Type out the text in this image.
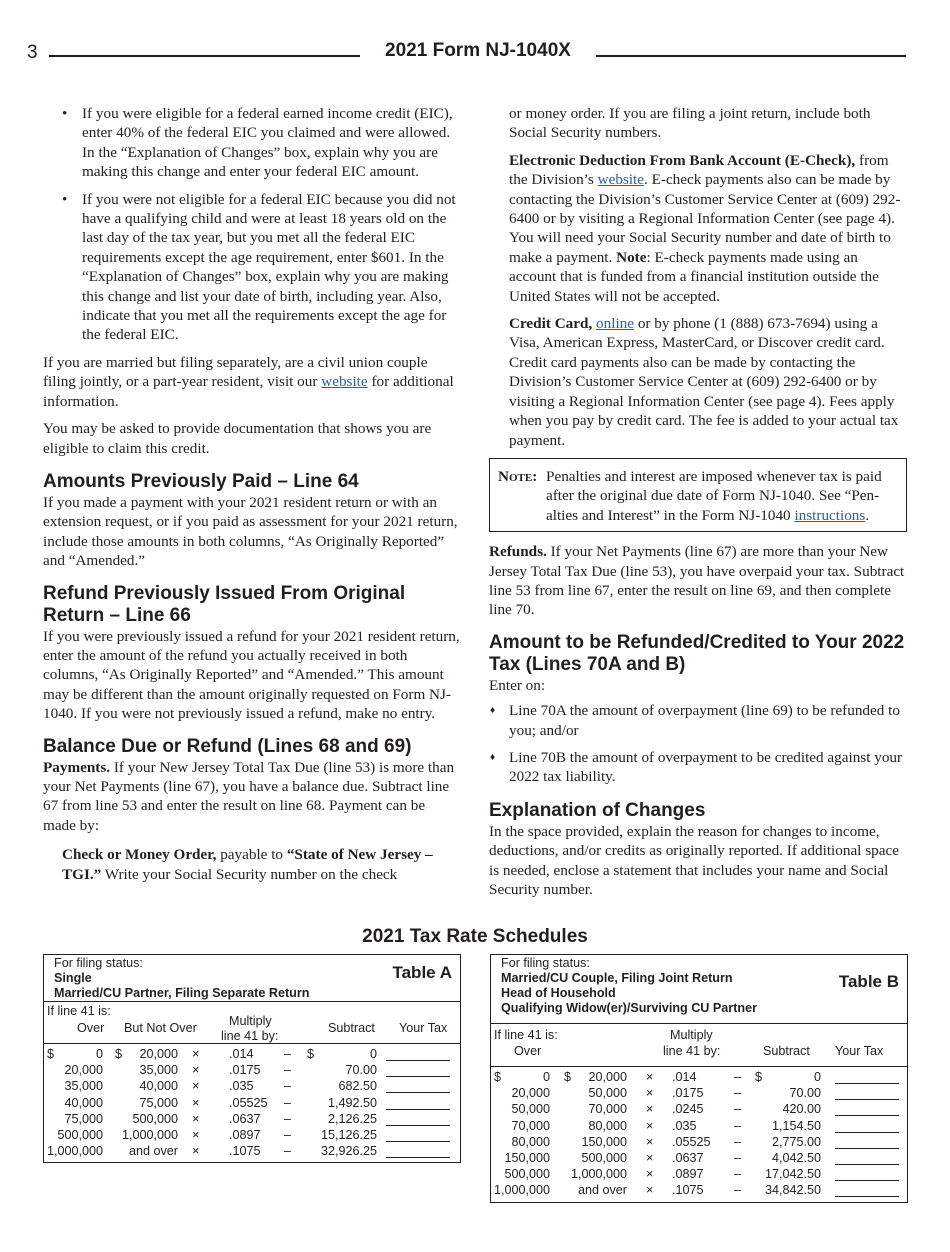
3	2021 Form NJ-1040X
• If you were eligible for a federal earned income credit (EIC), enter 40% of the federal EIC you claimed and were allowed. In the “Explanation of Changes” box, explain why you are making this change and enter your federal EIC amount.
• If you were not eligible for a federal EIC because you did not have a qualifying child and were at least 18 years old on the last day of the tax year, but you met all the federal EIC requirements except the age requirement, enter $601. In the “Explanation of Changes” box, explain why you are making this change and list your date of birth, including year. Also, indicate that you met all the requirements except the age for the federal EIC.

If you are married but filing separately, are a civil union couple filing jointly, or a part-year resident, visit our website for additional information.

You may be asked to provide documentation that shows you are eligible to claim this credit.

Amounts Previously Paid – Line 64

If you made a payment with your 2021 resident return or with an extension request, or if you paid as assessment for your 2021 return, include those amounts in both columns, “As Originally Reported” and “Amended.”

Refund Previously Issued From Original Return – Line 66

If you were previously issued a refund for your 2021 resident return, enter the amount of the refund you actually received in both columns, “As Originally Reported” and “Amended.” This amount may be different than the amount originally requested on Form NJ-1040. If you were not previously issued a refund, make no entry.

Balance Due or Refund (Lines 68 and 69)

Payments. If your New Jersey Total Tax Due (line 53) is more than your Net Payments (line 67), you have a balance due. Subtract line 67 from line 53 and enter the result on line 68. Payment can be made by:

Check or Money Order, payable to “State of New Jersey – TGI.” Write your Social Security number on the check

or money order. If you are filing a joint return, include both Social Security numbers.

Electronic Deduction From Bank Account (E-Check), from the Division’s website. E-check payments also can be made by contacting the Division’s Customer Service Center at (609) 292-6400 or by visiting a Regional Information Center (see page 4). You will need your Social Security number and date of birth to make a payment. Note: E-check payments made using an account that is funded from a financial institution outside the United States will not be accepted.

Credit Card, online or by phone (1 (888) 673-7694) using a Visa, American Express, MasterCard, or Discover credit card. Credit card payments also can be made by contacting the Division’s Customer Service Center at (609) 292-6400 or by visiting a Regional Information Center (see page 4). Fees apply when you pay by credit card. The fee is added to your actual tax payment.

Note: Penalties and interest are imposed whenever tax is paid after the original due date of Form NJ-1040. See “Penalties and Interest” in the Form NJ-1040 instructions.

Refunds. If your Net Payments (line 67) are more than your New Jersey Total Tax Due (line 53), you have overpaid your tax. Subtract line 53 from line 67, enter the result on line 69, and then complete line 70.

Amount to be Refunded/Credited to Your 2022 Tax (Lines 70A and B)

Enter on:

♦ Line 70A the amount of overpayment (line 69) to be refunded to you; and/or
♦ Line 70B the amount of overpayment to be credited against your 2022 tax liability.
Explanation of Changes

In the space provided, explain the reason for changes to income, deductions, and/or credits as originally reported. If additional space is needed, enclose a statement that includes your name and Social Security number.

2021 Tax Rate Schedules
For filing status:
Single
Married/CU Partner, Filing Separate Return
Table A
If line 41 is:
Over But Not Over	Multiply
line 41 by:
Subtract Your Tax
$	0 $ 20,000 × .014 – $	0
20,000	35,000 × .0175 –	70.00
35,000	40,000 × .035 –	682.50
40,000	75,000 × .05525 –	1,492.50
75,000 500,000 × .0637 –	2,126.25
500,000 1,000,000 × .0897 – 15,126.25
1,000,000 and over × .1075 – 32,926.25
For filing status:
Married/CU Couple, Filing Joint Return
Head of Household
Qualifying Widow(er)/Surviving CU Partner
Table B
If line 41 is:
Over
Multiply
line 41 by:	Subtract Your Tax
$	0 $ 20,000 × .014	– $	0
20,000	50,000 × .0175 –	70.00
50,000	70,000 × .0245 –	420.00
70,000	80,000 × .035	– 1,154.50
80,000 150,000 × .05525 – 2,775.00
150,000 500,000 × .0637 – 4,042.50
500,000 1,000,000 × .0897 – 17,042.50
1,000,000 and over × .1075 – 34,842.50
